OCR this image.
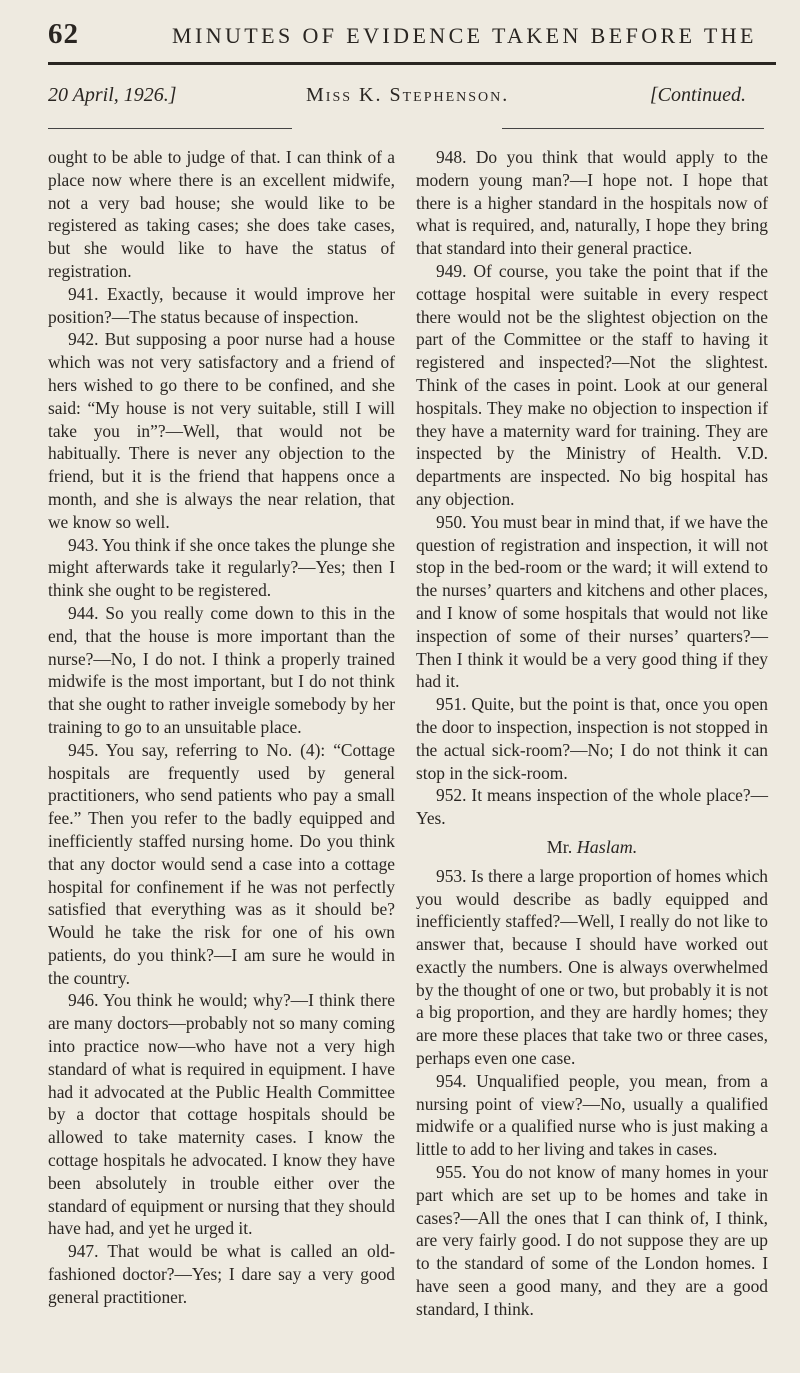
62	MINUTES OF EVIDENCE TAKEN BEFORE THE
20 April, 1926.]	Miss K. Stephenson.	[Continued.

ought to be able to judge of that. I can think of a place now where there is an excellent midwife, not a very bad house; she would like to be registered as taking cases; she does take cases, but she would like to have the status of registration.

941. Exactly, because it would improve her position?—The status because of inspection.

942. But supposing a poor nurse had a house which was not very satisfactory and a friend of hers wished to go there to be confined, and she said: “My house is not very suitable, still I will take you in”?—Well, that would not be habitually. There is never any objection to the friend, but it is the friend that happens once a month, and she is always the near relation, that we know so well.

943. You think if she once takes the plunge she might afterwards take it regularly?—Yes; then I think she ought to be registered.

944. So you really come down to this in the end, that the house is more important than the nurse?—No, I do not. I think a properly trained midwife is the most important, but I do not think that she ought to rather inveigle somebody by her training to go to an unsuitable place.

945. You say, referring to No. (4): “Cottage hospitals are frequently used by general practitioners, who send patients who pay a small fee.” Then you refer to the badly equipped and inefficiently staffed nursing home. Do you think that any doctor would send a case into a cottage hospital for confinement if he was not perfectly satisfied that everything was as it should be? Would he take the risk for one of his own patients, do you think?—I am sure he would in the country.

946. You think he would; why?—I think there are many doctors—probably not so many coming into practice now—who have not a very high standard of what is required in equipment. I have had it advocated at the Public Health Committee by a doctor that cottage hospitals should be allowed to take maternity cases. I know the cottage hospitals he advocated. I know they have been absolutely in trouble either over the standard of equipment or nursing that they should have had, and yet he urged it.

947. That would be what is called an old-fashioned doctor?—Yes; I dare say a very good general practitioner.

948. Do you think that would apply to the modern young man?—I hope not. I hope that there is a higher standard in the hospitals now of what is required, and, naturally, I hope they bring that standard into their general practice.

949. Of course, you take the point that if the cottage hospital were suitable in every respect there would not be the slightest objection on the part of the Committee or the staff to having it registered and inspected?—Not the slightest. Think of the cases in point. Look at our general hospitals. They make no objection to inspection if they have a maternity ward for training. They are inspected by the Ministry of Health. V.D. departments are inspected. No big hospital has any objection.

950. You must bear in mind that, if we have the question of registration and inspection, it will not stop in the bed-room or the ward; it will extend to the nurses’ quarters and kitchens and other places, and I know of some hospitals that would not like inspection of some of their nurses’ quarters?—Then I think it would be a very good thing if they had it.

951. Quite, but the point is that, once you open the door to inspection, inspection is not stopped in the actual sick-room?—No; I do not think it can stop in the sick-room.

952. It means inspection of the whole place?—Yes.

Mr. Haslam.

953. Is there a large proportion of homes which you would describe as badly equipped and inefficiently staffed?—Well, I really do not like to answer that, because I should have worked out exactly the numbers. One is always overwhelmed by the thought of one or two, but probably it is not a big proportion, and they are hardly homes; they are more these places that take two or three cases, perhaps even one case.

954. Unqualified people, you mean, from a nursing point of view?—No, usually a qualified midwife or a qualified nurse who is just making a little to add to her living and takes in cases.

955. You do not know of many homes in your part which are set up to be homes and take in cases?—All the ones that I can think of, I think, are very fairly good. I do not suppose they are up to the standard of some of the London homes. I have seen a good many, and they are a good standard, I think.
